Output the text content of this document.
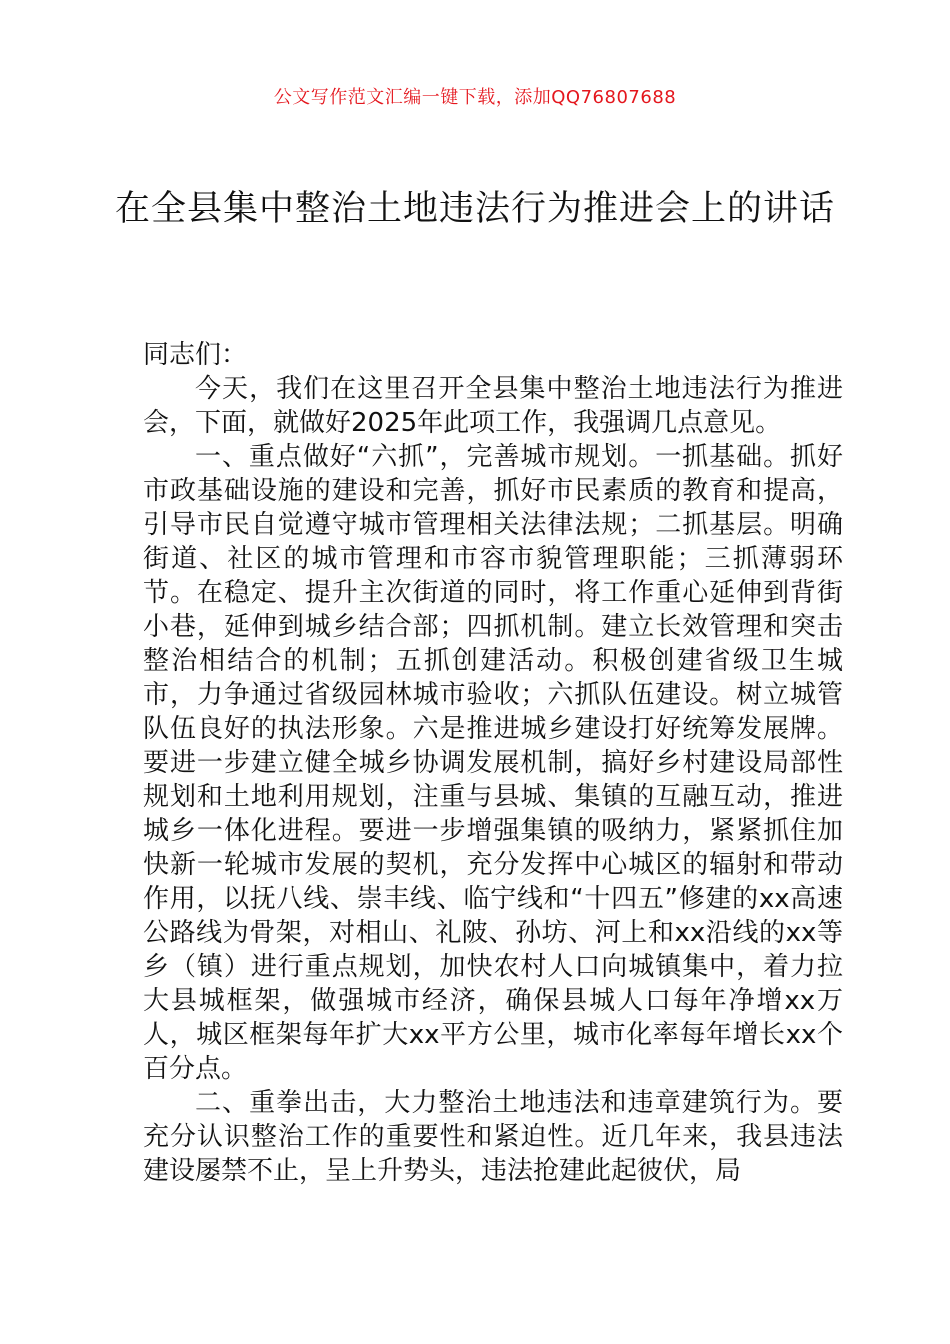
公文写作范文汇编一键下载，添加QQ76807688
在全县集中整治土地违法行为推进会上的讲话

同志们：

今天，我们在这里召开全县集中整治土地违法行为推进会，下面，就做好2025年此项工作，我强调几点意见。

一、重点做好“六抓”，完善城市规划。一抓基础。抓好市政基础设施的建设和完善，抓好市民素质的教育和提高，引导市民自觉遵守城市管理相关法律法规；二抓基层。明确街道、社区的城市管理和市容市貌管理职能；三抓薄弱环节。在稳定、提升主次街道的同时，将工作重心延伸到背街小巷，延伸到城乡结合部；四抓机制。建立长效管理和突击整治相结合的机制；五抓创建活动。积极创建省级卫生城市，力争通过省级园林城市验收；六抓队伍建设。树立城管队伍良好的执法形象。六是推进城乡建设打好统筹发展牌。要进一步建立健全城乡协调发展机制，搞好乡村建设局部性规划和土地利用规划，注重与县城、集镇的互融互动，推进城乡一体化进程。要进一步增强集镇的吸纳力，紧紧抓住加快新一轮城市发展的契机，充分发挥中心城区的辐射和带动作用，以抚八线、崇丰线、临宁线和“十四五”修建的xx高速公路线为骨架，对相山、礼陂、孙坊、河上和xx沿线的xx等乡（镇）进行重点规划，加快农村人口向城镇集中，着力拉大县城框架，做强城市经济，确保县城人口每年净增xx万人，城区框架每年扩大xx平方公里，城市化率每年增长xx个百分点。

二、重拳出击，大力整治土地违法和违章建筑行为。要充分认识整治工作的重要性和紧迫性。近几年来，我县违法建设屡禁不止，呈上升势头，违法抢建此起彼伏，局
